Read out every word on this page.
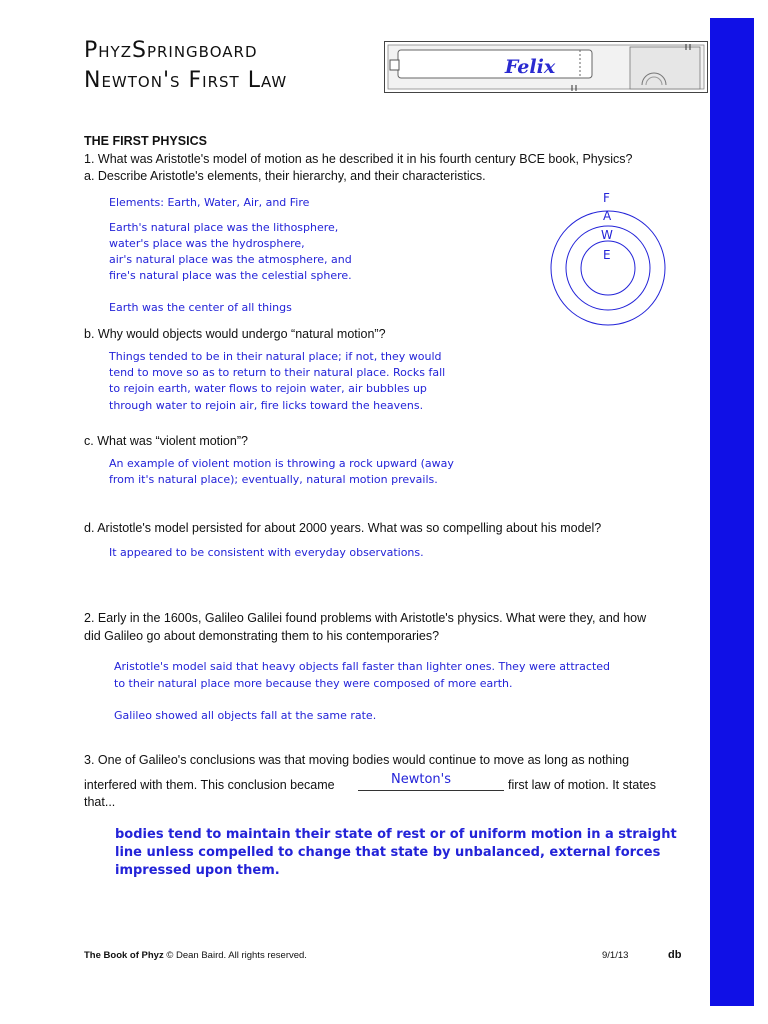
PhyzSpringboard
Newton's First Law
Felix
THE FIRST PHYSICS
1. What was Aristotle's model of motion as he described it in his fourth century BCE book, Physics?
a. Describe Aristotle's elements, their hierarchy, and their characteristics.
Elements: Earth, Water, Air, and Fire
Earth's natural place was the lithosphere,
water's place was the hydrosphere,
air's natural place was the atmosphere, and
fire's natural place was the celestial sphere.
Earth was the center of all things
F
A
W
E
b. Why would objects would undergo “natural motion”?
Things tended to be in their natural place; if not, they would
tend to move so as to return to their natural place. Rocks fall
to rejoin earth, water flows to rejoin water, air bubbles up
through water to rejoin air, fire licks toward the heavens.
c. What was “violent motion”?
An example of violent motion is throwing a rock upward (away
from it's natural place); eventually, natural motion prevails.
d. Aristotle's model persisted for about 2000 years. What was so compelling about his model?
It appeared to be consistent with everyday observations.
2. Early in the 1600s, Galileo Galilei found problems with Aristotle's physics. What were they, and how
did Galileo go about demonstrating them to his contemporaries?
Aristotle's model said that heavy objects fall faster than lighter ones. They were attracted
to their natural place more because they were composed of more earth.
Galileo showed all objects fall at the same rate.
3. One of Galileo's conclusions was that moving bodies would continue to move as long as nothing
interfered with them. This conclusion became	Newton's	first law of motion. It states
that...
bodies tend to maintain their state of rest or of uniform motion in a straight
line unless compelled to change that state by unbalanced, external forces
impressed upon them.
The Book of Phyz © Dean Baird. All rights reserved.	9/1/13	db
